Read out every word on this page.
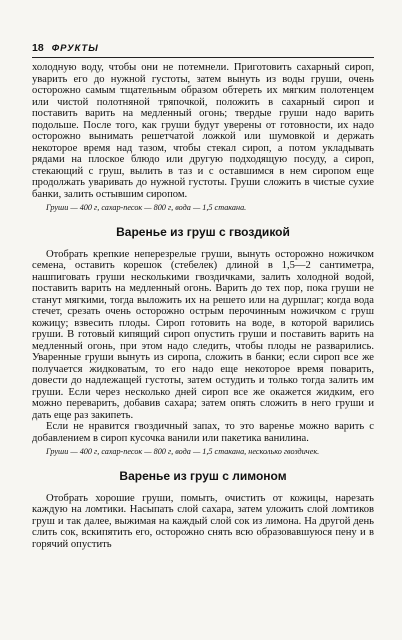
18 ФРУКТЫ

холодную воду, чтобы они не потемнели. Приготовить сахарный сироп, уварить его до нужной густоты, затем вынуть из воды груши, очень осторожно самым тщательным образом обтереть их мягким полотенцем или чистой полотняной тряпочкой, положить в сахарный сироп и поставить варить на медленный огонь; твердые груши надо варить подольше. После того, как груши будут уверены от готовности, их надо осторожно вынимать решетчатой ложкой или шумовкой и держать некоторое время над тазом, чтобы стекал сироп, а потом укладывать рядами на плоское блюдо или другую подходящую посуду, а сироп, стекающий с груш, вылить в таз и с оставшимся в нем сиропом еще продолжать уваривать до нужной густоты. Груши сложить в чистые сухие банки, залить остывшим сиропом.

Груши — 400 г, сахар-песок — 800 г, вода — 1,5 стакана.

Варенье из груш с гвоздикой

Отобрать крепкие неперезрелые груши, вынуть осторожно ножичком семена, оставить корешок (стебелек) длиной в 1,5—2 сантиметра, нашпиговать груши несколькими гвоздичками, залить холодной водой, поставить варить на медленный огонь. Варить до тех пор, пока груши не станут мягкими, тогда выложить их на решето или на дуршлаг; когда вода стечет, срезать очень осторожно острым перочинным ножичком с груш кожицу; взвесить плоды. Сироп готовить на воде, в которой варились груши. В готовый кипящий сироп опустить груши и поставить варить на медленный огонь, при этом надо следить, чтобы плоды не разварились. Уваренные груши вынуть из сиропа, сложить в банки; если сироп все же получается жидковатым, то его надо еще некоторое время поварить, довести до надлежащей густоты, затем остудить и только тогда залить им груши. Если через несколько дней сироп все же окажется жидким, его можно переварить, добавив сахара; затем опять сложить в него груши и дать еще раз закипеть.

Если не нравится гвоздичный запах, то это варенье можно варить с добавлением в сироп кусочка ванили или пакетика ванилина.

Груши — 400 г, сахар-песок — 800 г, вода — 1,5 стакана, несколько гвоздичек.

Варенье из груш с лимоном

Отобрать хорошие груши, помыть, очистить от кожицы, нарезать каждую на ломтики. Насыпать слой сахара, затем уложить слой ломтиков груш и так далее, выжимая на каждый слой сок из лимона. На другой день слить сок, вскипятить его, осторожно снять всю образовавшуюся пену и в горячий опустить
